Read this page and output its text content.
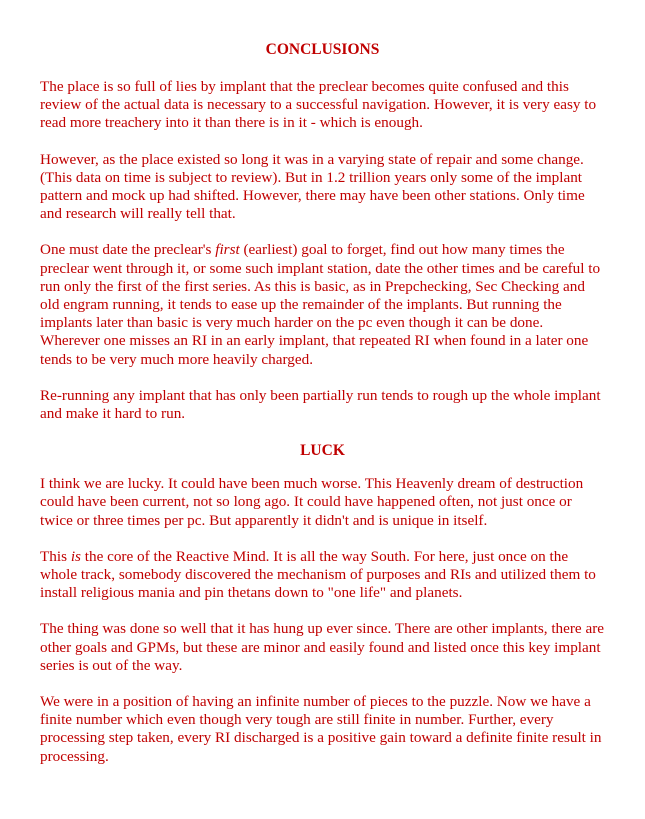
CONCLUSIONS

The place is so full of lies by implant that the preclear becomes quite confused and this review of the actual data is necessary to a successful navigation. However, it is very easy to read more treachery into it than there is in it - which is enough.

However, as the place existed so long it was in a varying state of repair and some change. (This data on time is subject to review). But in 1.2 trillion years only some of the implant pattern and mock up had shifted. However, there may have been other stations. Only time and research will really tell that.

One must date the preclear's first (earliest) goal to forget, find out how many times the preclear went through it, or some such implant station, date the other times and be careful to run only the first of the first series. As this is basic, as in Prepchecking, Sec Checking and old engram running, it tends to ease up the remainder of the implants. But running the implants later than basic is very much harder on the pc even though it can be done. Wherever one misses an RI in an early implant, that repeated RI when found in a later one tends to be very much more heavily charged.

Re-running any implant that has only been partially run tends to rough up the whole implant and make it hard to run.

LUCK

I think we are lucky. It could have been much worse. This Heavenly dream of destruction could have been current, not so long ago. It could have happened often, not just once or twice or three times per pc. But apparently it didn't and is unique in itself.

This is the core of the Reactive Mind. It is all the way South. For here, just once on the whole track, somebody discovered the mechanism of purposes and RIs and utilized them to install religious mania and pin thetans down to "one life" and planets.

The thing was done so well that it has hung up ever since. There are other implants, there are other goals and GPMs, but these are minor and easily found and listed once this key implant series is out of the way.

We were in a position of having an infinite number of pieces to the puzzle. Now we have a finite number which even though very tough are still finite in number. Further, every processing step taken, every RI discharged is a positive gain toward a definite finite result in processing.
